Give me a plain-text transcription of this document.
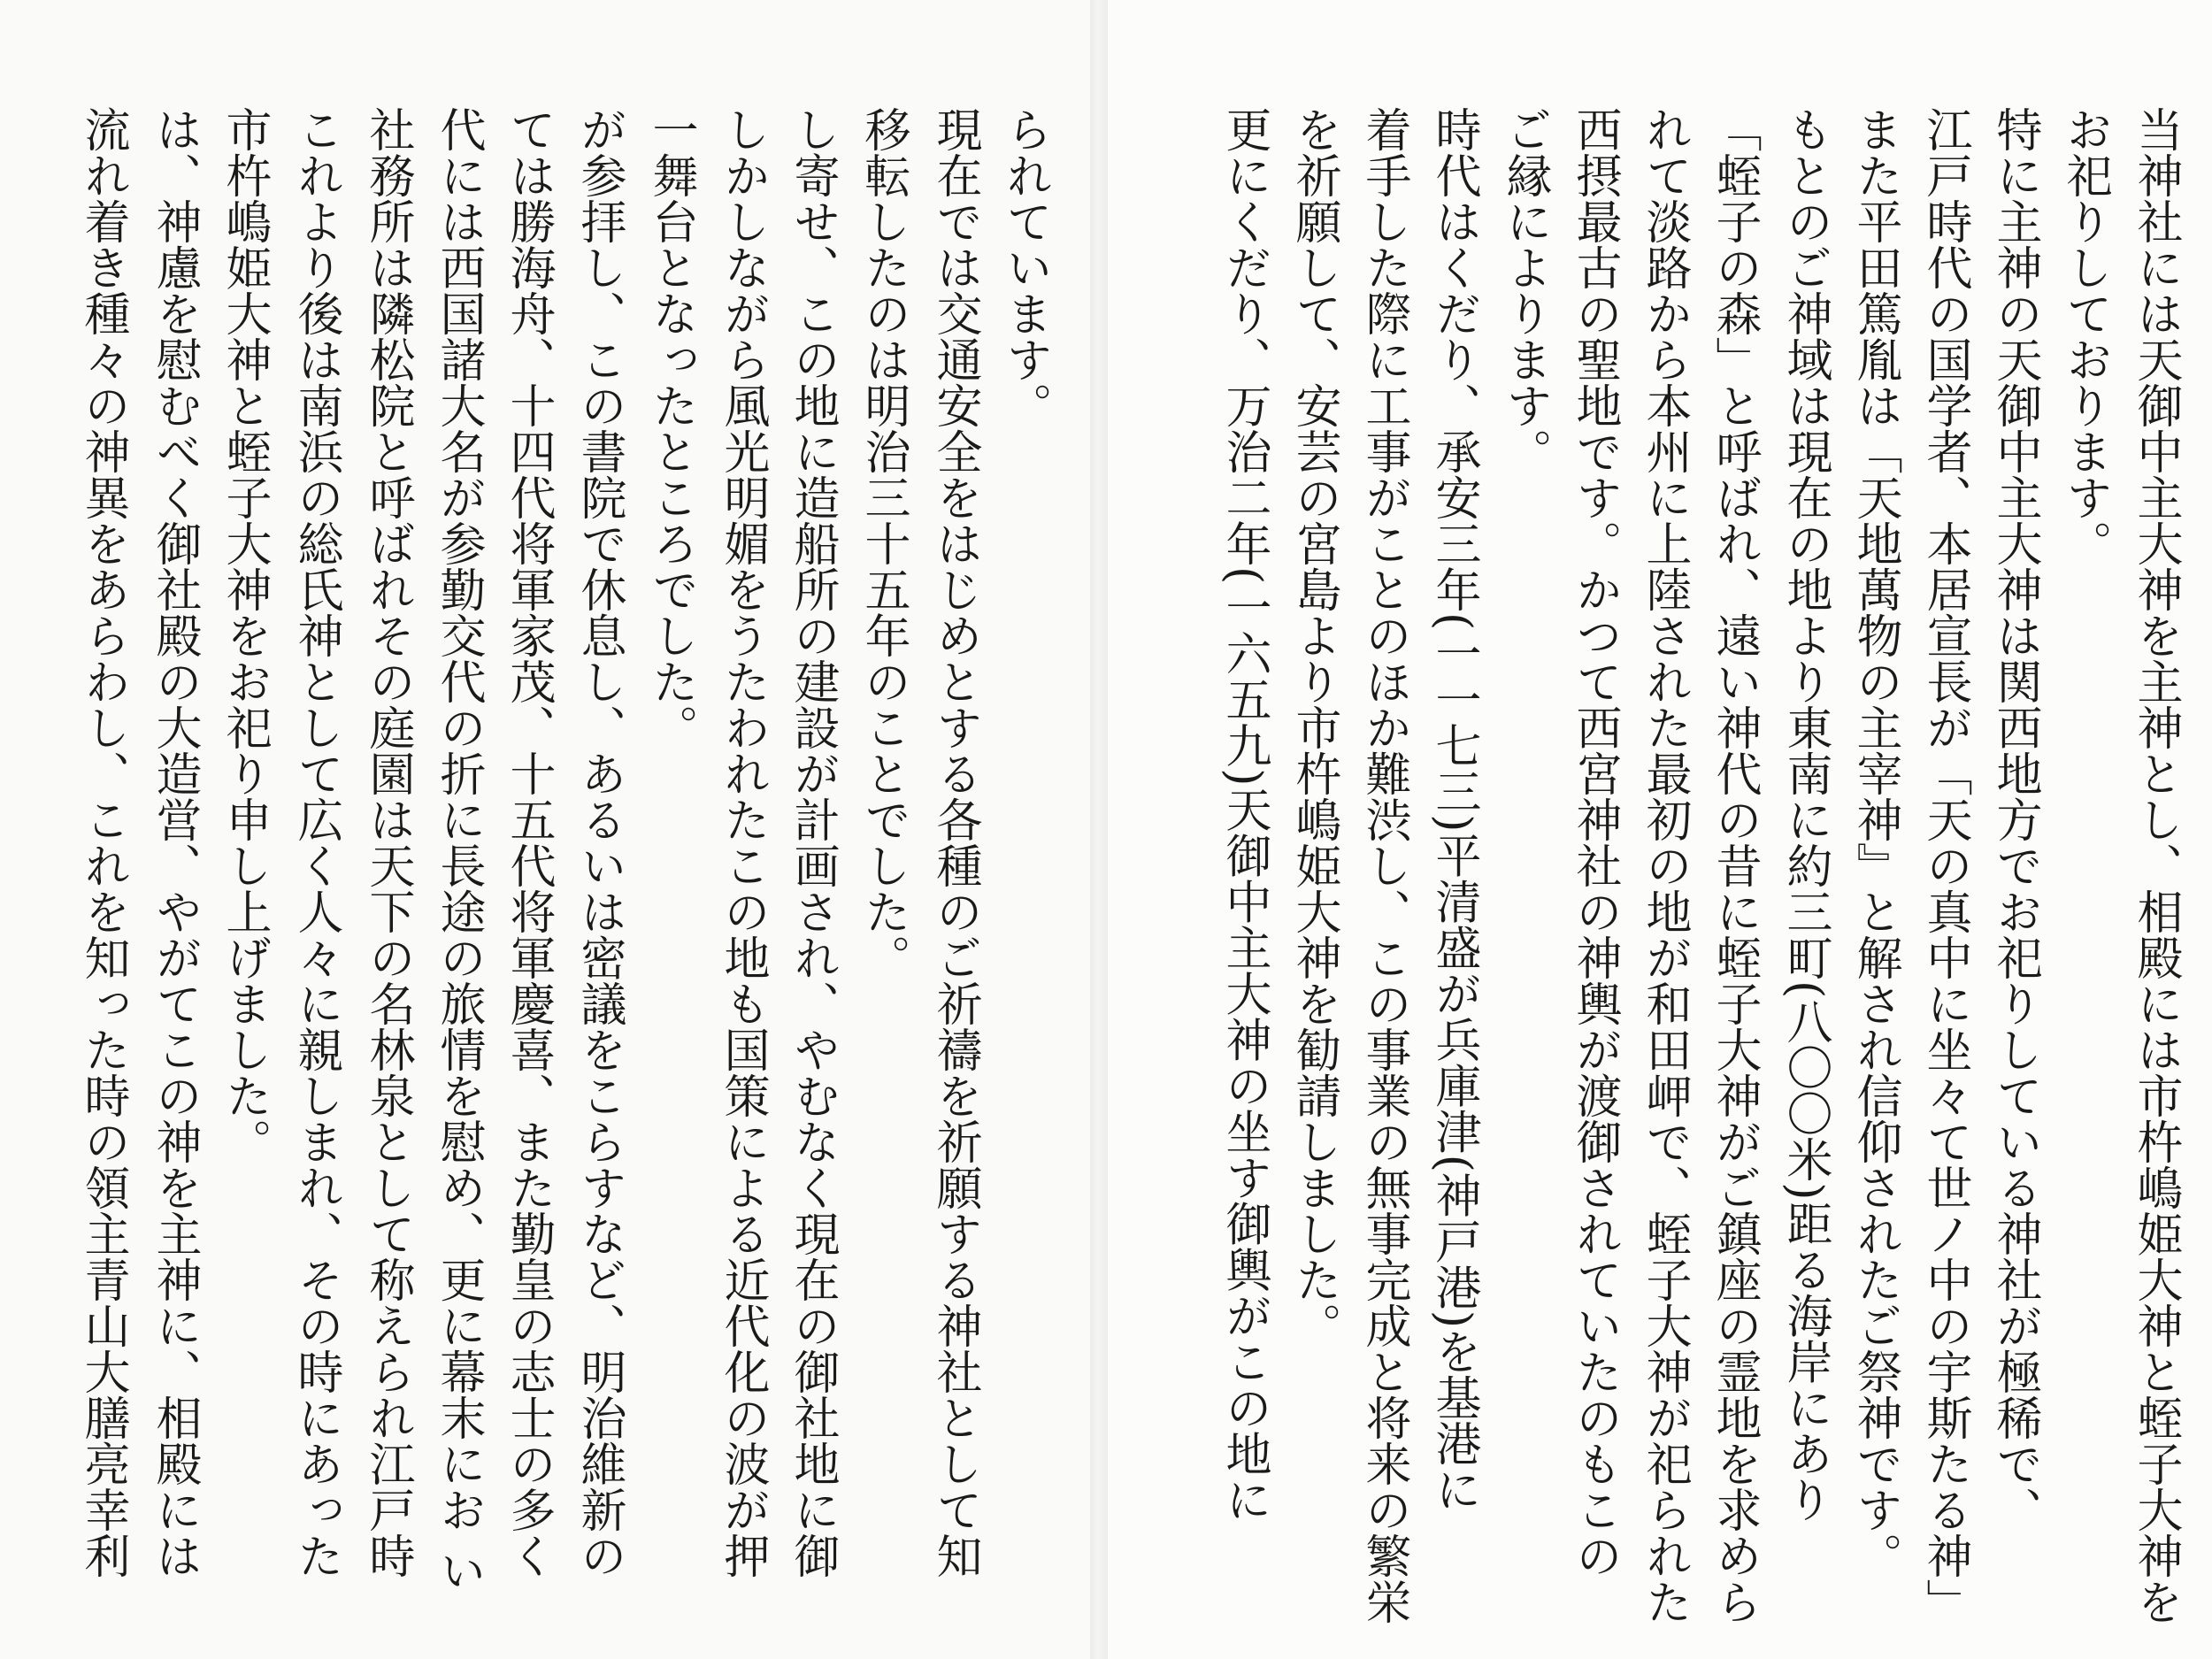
流れ着き種々の神異をあらわし、これを知った時の領主青山大膳亮幸利 は、神慮を慰むべく御社殿の大造営、やがてこの神を主神に、相殿には 市杵嶋姫大神と蛭子大神をお祀り申し上げました。 これより後は南浜の総氏神として広く人々に親しまれ、その時にあった 社務所は隣松院と呼ばれその庭園は天下の名林泉として称えられ江戸時 代には西国諸大名が参勤交代の折に長途の旅情を慰め、更に幕末にお い ては勝海舟、十四代将軍家茂、十五代将軍慶喜、また勤皇の志士の多く が参拝し、この書院で休息し、あるいは密議をこらすなど、明治維新の 一舞台となったところでした。 しかしながら風光明媚をうたわれたこの地も国策による近代化の波が押 し寄せ、この地に造船所の建設が計画され、やむなく現在の御社地に御 移転したのは明治三十五年のことでした。 現在では交通安全をはじめとする各種のご祈禱を祈願する神社として知 られています。	当神社には天御中主大神を主神とし、相殿には市杵嶋姫大神と蛭子大神を
お祀りしております。
特に主神の天御中主大神は関西地方でお祀りしている神社が極稀で、
江戸時代の国学者、本居宣長が「天の真中に坐々て世ノ中の宇斯たる神」
また平田篤胤は「天地萬物の主宰神』と解され信仰されたご祭神です。
もとのご神域は現在の地より東南に約三町(八〇〇米)距る海岸にあり
「蛭子の森」と呼ばれ、遠い神代の昔に蛭子大神がご鎮座の霊地を求めら
れて淡路から本州に上陸された最初の地が和田岬で、蛭子大神が祀られた
西摂最古の聖地です。かつて西宮神社の神輿が渡御されていたのもこの
ご縁によります。
時代はくだり、承安三年(一一七三)平清盛が兵庫津(神戸港)を基港に
着手した際に工事がことのほか難渋し、この事業の無事完成と将来の繁栄
を祈願して、安芸の宮島より市杵嶋姫大神を勧請しました。
更にくだり、万治二年(一六五九)天御中主大神の坐す御輿がこの地に
